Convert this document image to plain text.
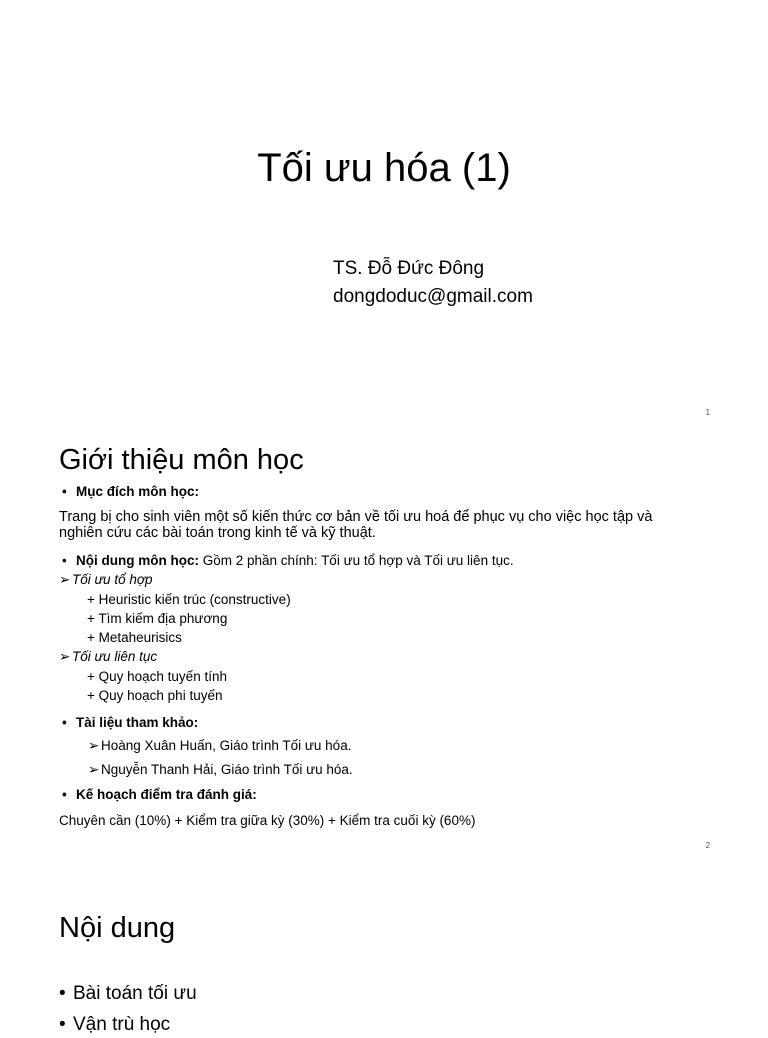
Tối ưu hóa (1)
TS. Đỗ Đức Đông
dongdoduc@gmail.com
1
Giới thiệu môn học
• Mục đích môn học:
Trang bị cho sinh viên một số kiến thức cơ bản về tối ưu hoá để phục vụ cho việc học tập và
nghiên cứu các bài toán trong kinh tế và kỹ thuật.
• Nội dung môn học: Gồm 2 phần chính: Tối ưu tổ hợp và Tối ưu liên tục.
➢ Tối ưu tổ hợp
+ Heuristic kiến trúc (constructive)
+ Tìm kiếm địa phương
+ Metaheurisics
➢ Tối ưu liên tục
+ Quy hoạch tuyến tính
+ Quy hoạch phi tuyến
• Tài liệu tham khảo:
➢ Hoàng Xuân Huấn, Giáo trình Tối ưu hóa.
➢ Nguyễn Thanh Hải, Giáo trình Tối ưu hóa.
• Kế hoạch điểm tra đánh giá:
Chuyên cần (10%) + Kiểm tra giữa kỳ (30%) + Kiểm tra cuối kỳ (60%)
2
Nội dung
• Bài toán tối ưu
• Vận trù học
